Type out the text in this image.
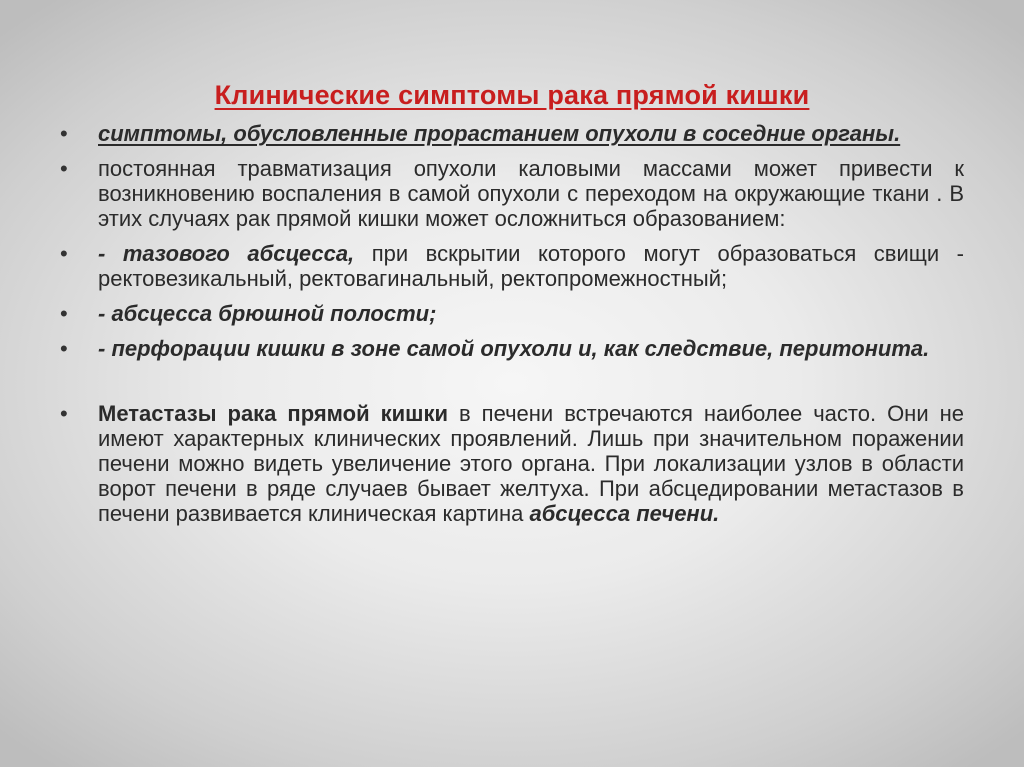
Клинические симптомы рака прямой кишки
• симптомы, обусловленные прорастанием опухоли в соседние органы.
• постоянная травматизация опухоли каловыми массами может привести к возникновению воспаления в самой опухоли с переходом на окружающие ткани . В этих случаях рак прямой кишки может осложниться образованием:
• - тазового абсцесса, при вскрытии которого могут образоваться свищи - ректовезикальный, ректовагинальный, ректопромежностный;
• - абсцесса брюшной полости;
• - перфорации кишки в зоне самой опухоли и, как следствие, перитонита.
• Метастазы рака прямой кишки в печени встречаются наиболее часто. Они не имеют характерных клинических проявлений. Лишь при значительном поражении печени можно видеть увеличение этого органа. При локализации узлов в области ворот печени в ряде случаев бывает желтуха. При абсцедировании метастазов в печени развивается клиническая картина абсцесса печени.
